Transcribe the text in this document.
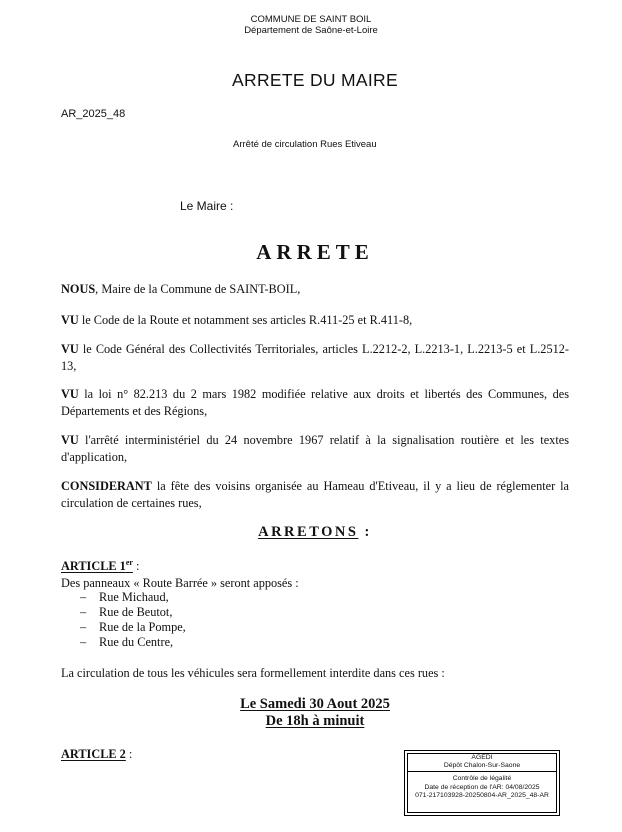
COMMUNE DE SAINT BOIL
Département de Saône-et-Loire
ARRETE DU MAIRE
AR_2025_48
Arrêté de circulation Rues Etiveau
Le Maire :
ARRETE
NOUS, Maire de la Commune de SAINT-BOIL,
VU le Code de la Route et notamment ses articles R.411-25 et R.411-8,
VU le Code Général des Collectivités Territoriales, articles L.2212-2, L.2213-1, L.2213-5 et L.2512-13,
VU la loi n° 82.213 du 2 mars 1982 modifiée relative aux droits et libertés des Communes, des Départements et des Régions,
VU l'arrêté interministériel du 24 novembre 1967 relatif à la signalisation routière et les textes d'application,
CONSIDERANT la fête des voisins organisée au Hameau d'Etiveau, il y a lieu de réglementer la circulation de certaines rues,
ARRETONS :
ARTICLE 1er :
Des panneaux « Route Barrée » seront apposés :
– Rue Michaud,
– Rue de Beutot,
– Rue de la Pompe,
– Rue du Centre,
La circulation de tous les véhicules sera formellement interdite dans ces rues :
Le Samedi 30 Aout 2025
De 18h à minuit
ARTICLE 2 :	AGEDI
Dépôt Chalon-Sur-Saone
Contrôle de légalité
Date de réception de l'AR: 04/08/2025
071-217103928-20250804-AR_2025_48-AR
